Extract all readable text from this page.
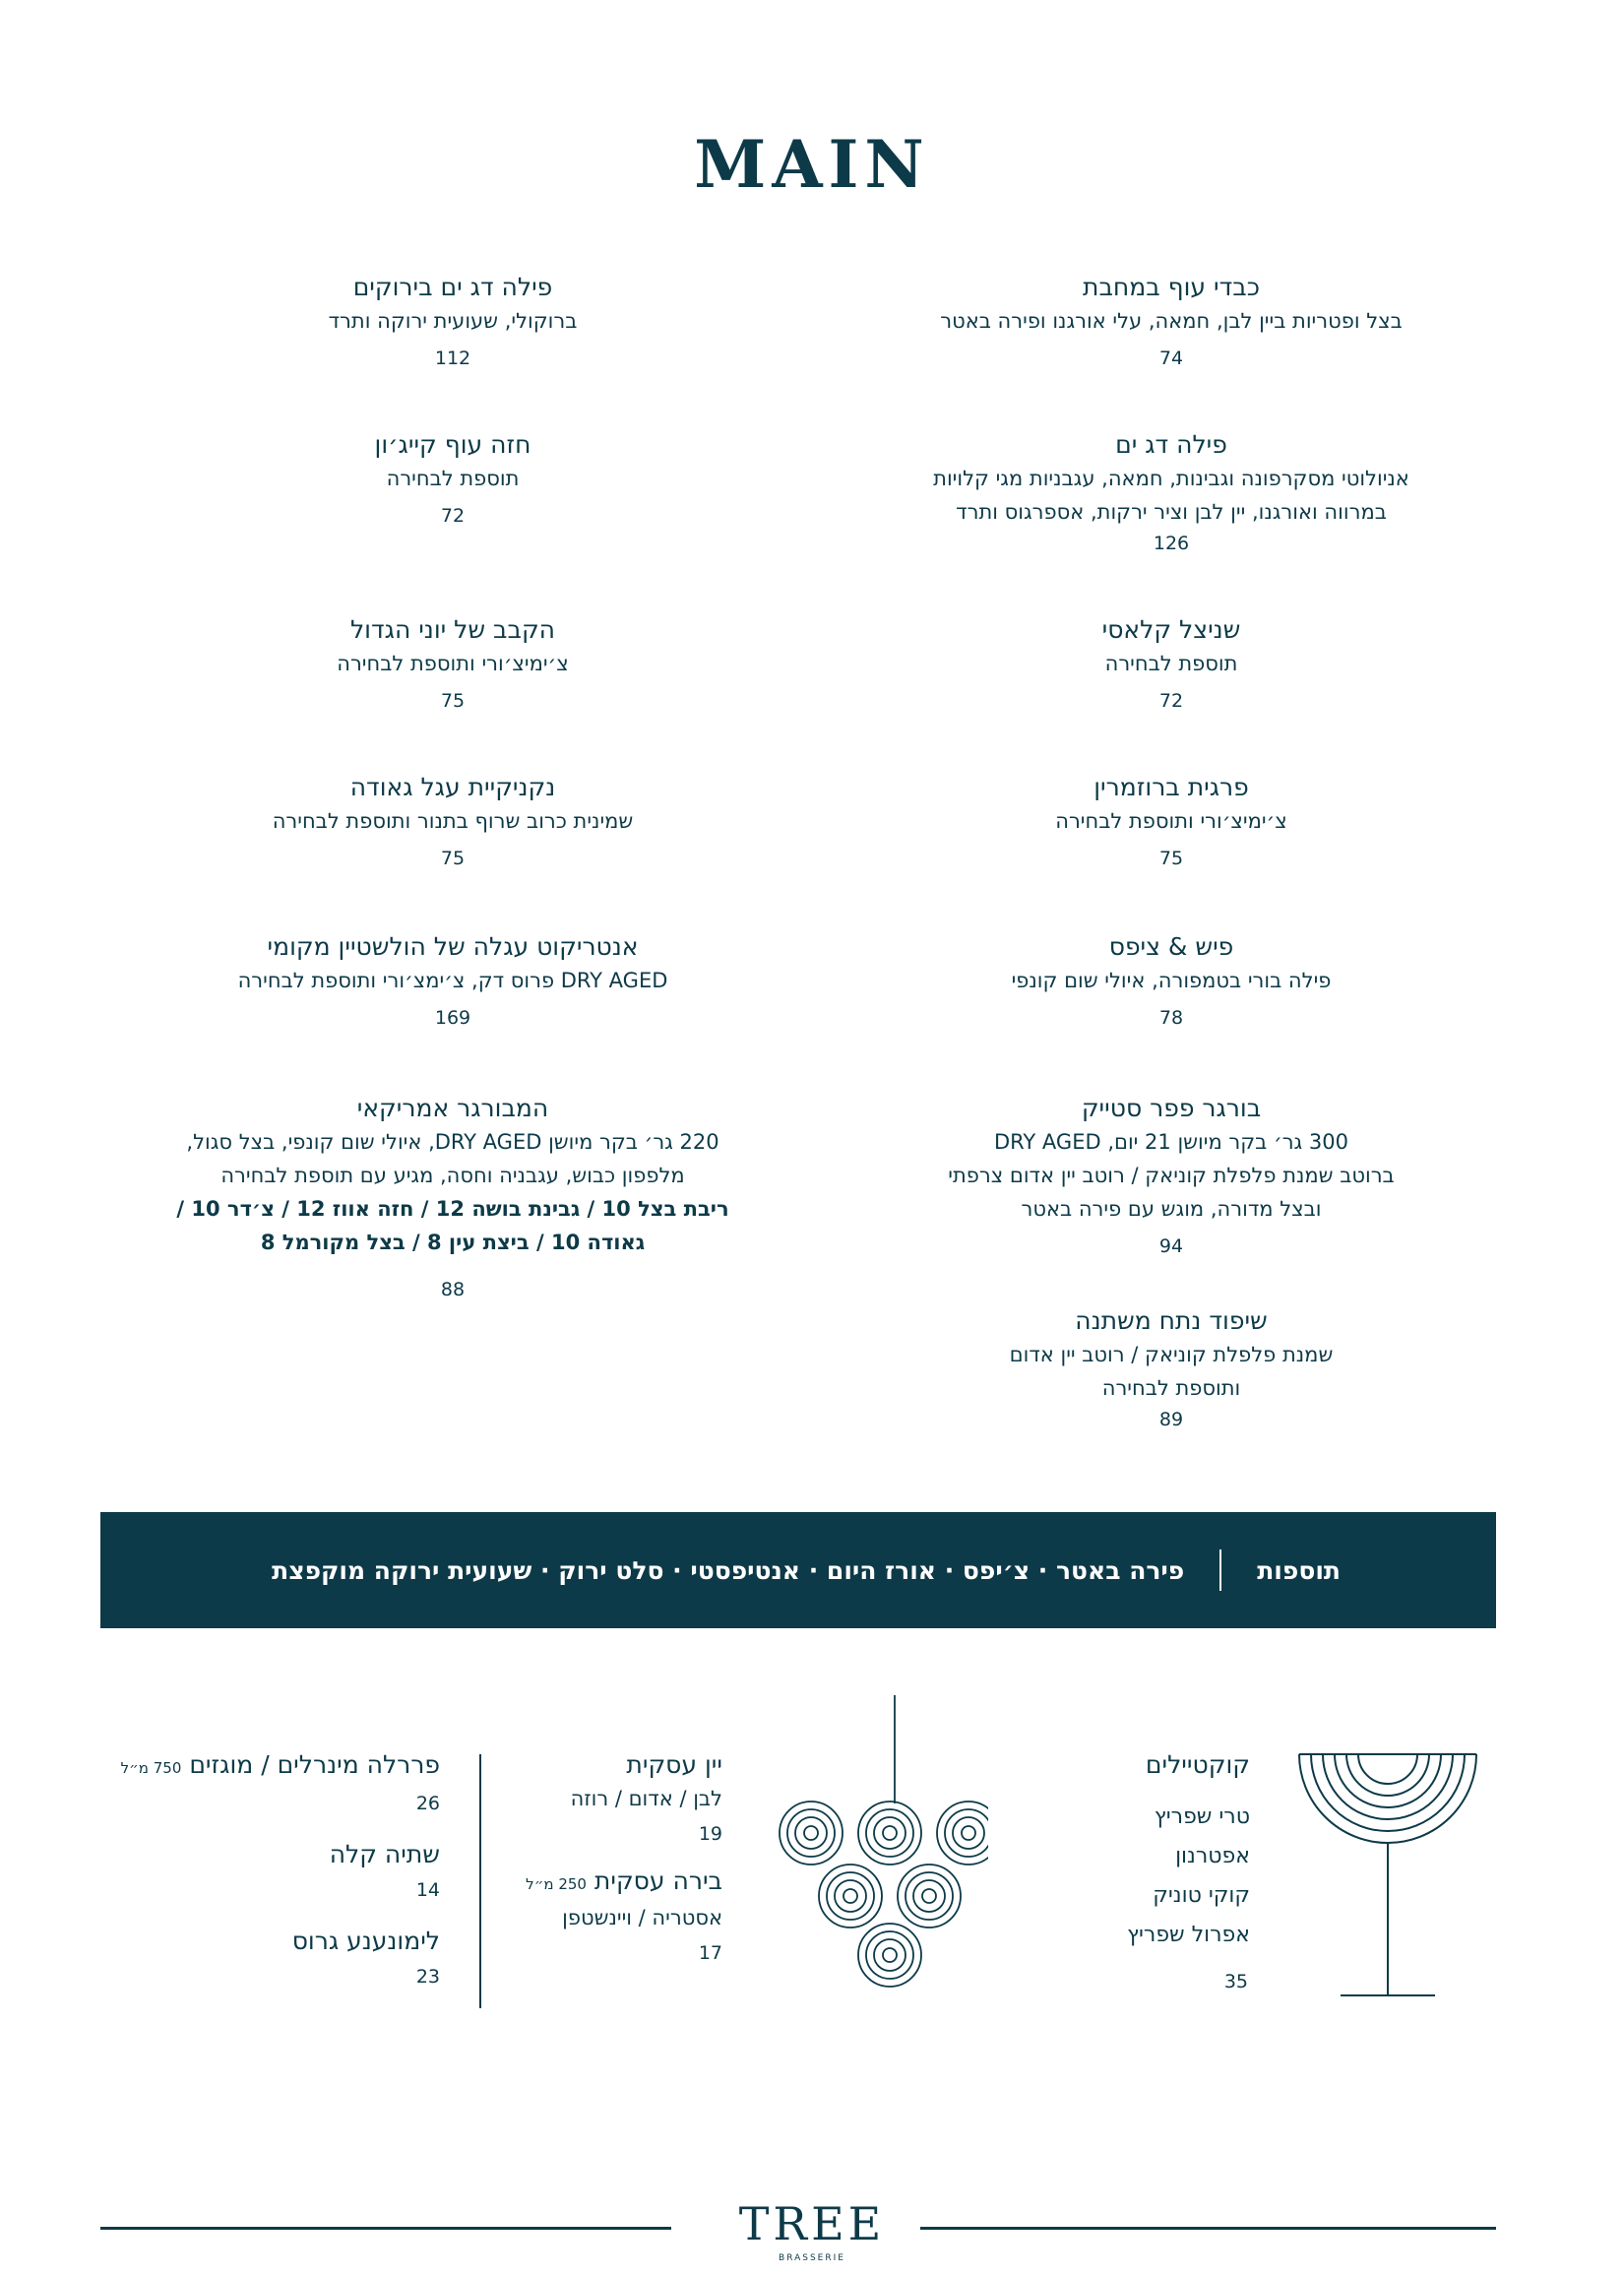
MAIN
פילה דג ים בירוקים
ברוקולי, שעועית ירוקה ותרד
112
חזה עוף קייג׳ון
תוספת לבחירה
72
הקבב של יוני הגדול
צ׳ימיצ׳ורי ותוספת לבחירה
75
נקניקיית עגל גאודה
שמינית כרוב שרוף בתנור ותוספת לבחירה
75
אנטריקוט עגלה של הולשטיין מקומי
DRY AGED פרוס דק, צ׳ימצ׳ורי ותוספת לבחירה
169
המבורגר אמריקאי
220 גר׳ בקר מיושן DRY AGED, איולי שום קונפי, בצל סגול,
מלפפון כבוש, עגבניה וחסה, מגיע עם תוספת לבחירה
ריבת בצל 10 / גבינת בושה 12 / חזה אווז 12 / צ׳דר 10 /
גאודה 10 / ביצת עין 8 / בצל מקורמל 8
88
כבדי עוף במחבת
בצל ופטריות ביין לבן, חמאה, עלי אורגנו ופירה באטר
74
פילה דג ים
אניולוטי מסקרפונה וגבינות, חמאה, עגבניות מגי קלויות
במרווה ואורגנו, יין לבן וציר ירקות, אספרגוס ותרד
126
שניצל קלאסי
תוספת לבחירה
72
פרגית ברוזמרין
צ׳ימיצ׳ורי ותוספת לבחירה
75
פיש & ציפס
פילה בורי בטמפורה, איולי שום קונפי
78
בורגר פפר סטייק
300 גר׳ בקר מיושן 21 יום, DRY AGED
ברוטב שמנת פלפלת קוניאק / רוטב יין אדום צרפתי
ובצל מדורה, מוגש עם פירה באטר
94
שיפוד נתח משתנה
שמנת פלפלת קוניאק / רוטב יין אדום
ותוספת לבחירה
89
תוספות
פירה באטר · צ׳יפס · אורז היום · אנטיפסטי · סלט ירוק · שעועית ירוקה מוקפצת
קוקטיילים
טרי שפריץ
אפטרנון
קוקי טוניק
אפרול שפריץ
35
יין עסקית
לבן / אדום / רוזה
19
בירה עסקית 250 מ״ל
אסטריה / ויינשטפן
17
פררלה מינרלים / מוגזים 750 מ״ל
26
שתיה קלה
14
לימונענע גרוס
23
TREE
BRASSERIE
